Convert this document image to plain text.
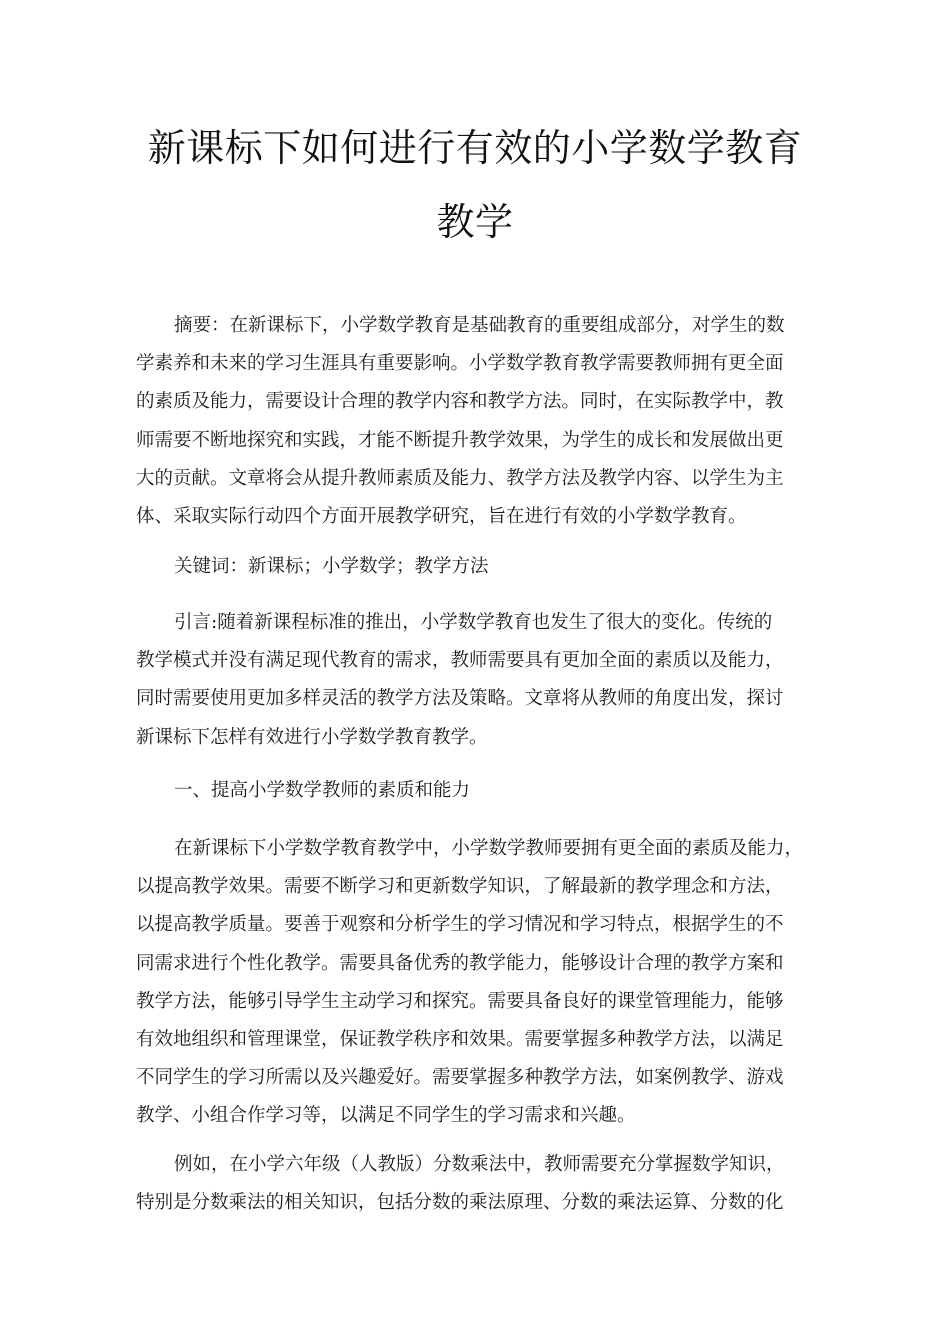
新课标下如何进行有效的小学数学教育
教学
摘要：在新课标下，小学数学教育是基础教育的重要组成部分，对学生的数
学素养和未来的学习生涯具有重要影响。小学数学教育教学需要教师拥有更全面
的素质及能力，需要设计合理的教学内容和教学方法。同时，在实际教学中，教
师需要不断地探究和实践，才能不断提升教学效果，为学生的成长和发展做出更
大的贡献。文章将会从提升教师素质及能力、教学方法及教学内容、以学生为主
体、采取实际行动四个方面开展教学研究，旨在进行有效的小学数学教育。
关键词：新课标；小学数学；教学方法
引言:随着新课程标准的推出，小学数学教育也发生了很大的变化。传统的
教学模式并没有满足现代教育的需求，教师需要具有更加全面的素质以及能力，
同时需要使用更加多样灵活的教学方法及策略。文章将从教师的角度出发，探讨
新课标下怎样有效进行小学数学教育教学。
一、提高小学数学教师的素质和能力
在新课标下小学数学教育教学中，小学数学教师要拥有更全面的素质及能力，
以提高教学效果。需要不断学习和更新数学知识，了解最新的教学理念和方法，
以提高教学质量。要善于观察和分析学生的学习情况和学习特点，根据学生的不
同需求进行个性化教学。需要具备优秀的教学能力，能够设计合理的教学方案和
教学方法，能够引导学生主动学习和探究。需要具备良好的课堂管理能力，能够
有效地组织和管理课堂，保证教学秩序和效果。需要掌握多种教学方法，以满足
不同学生的学习所需以及兴趣爱好。需要掌握多种教学方法，如案例教学、游戏
教学、小组合作学习等，以满足不同学生的学习需求和兴趣。
例如，在小学六年级（人教版）分数乘法中，教师需要充分掌握数学知识，
特别是分数乘法的相关知识，包括分数的乘法原理、分数的乘法运算、分数的化
